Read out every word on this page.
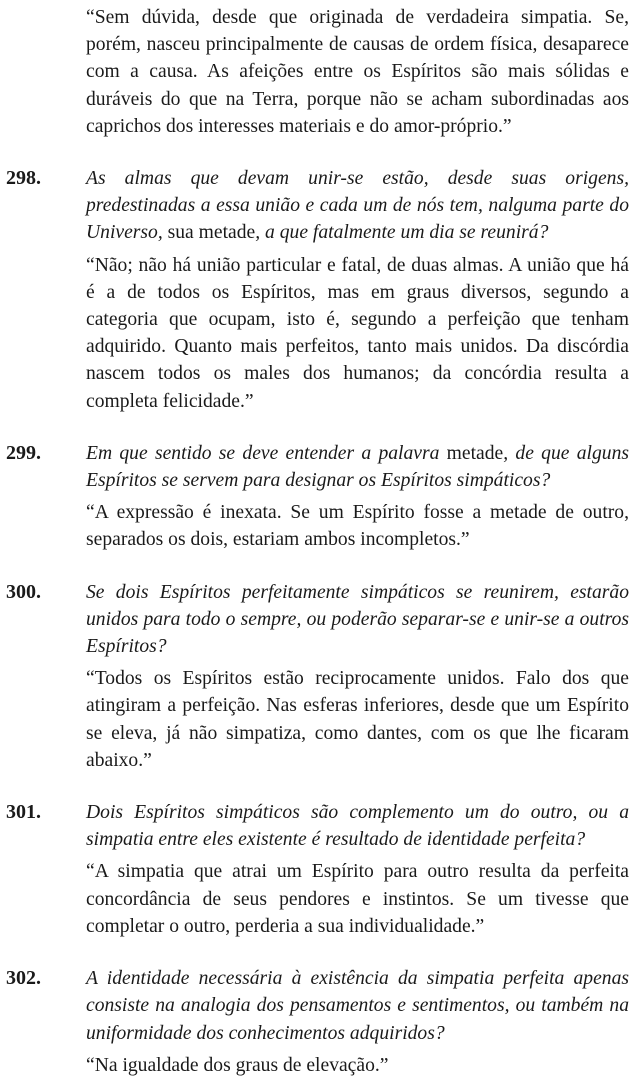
“Sem dúvida, desde que originada de verdadeira simpatia. Se, porém, nasceu principalmente de causas de ordem física, desaparece com a causa. As afeições entre os Espíritos são mais sólidas e duráveis do que na Terra, porque não se acham subordinadas aos caprichos dos interesses materiais e do amor-próprio.”

298. As almas que devam unir-se estão, desde suas origens, predestinadas a essa união e cada um de nós tem, nalguma parte do Universo, sua metade, a que fatalmente um dia se reunirá?

“Não; não há união particular e fatal, de duas almas. A união que há é a de todos os Espíritos, mas em graus diversos, segundo a categoria que ocupam, isto é, segundo a perfeição que tenham adquirido. Quanto mais perfeitos, tanto mais unidos. Da discórdia nascem todos os males dos humanos; da concórdia resulta a completa felicidade.”

299. Em que sentido se deve entender a palavra metade, de que alguns Espíritos se servem para designar os Espíritos simpáticos?

“A expressão é inexata. Se um Espírito fosse a metade de outro, separados os dois, estariam ambos incompletos.”

300. Se dois Espíritos perfeitamente simpáticos se reunirem, estarão unidos para todo o sempre, ou poderão separar-se e unir-se a outros Espíritos?

“Todos os Espíritos estão reciprocamente unidos. Falo dos que atingiram a perfeição. Nas esferas inferiores, desde que um Espírito se eleva, já não simpatiza, como dantes, com os que lhe ficaram abaixo.”

301. Dois Espíritos simpáticos são complemento um do outro, ou a simpatia entre eles existente é resultado de identidade perfeita?

“A simpatia que atrai um Espírito para outro resulta da perfeita concordância de seus pendores e instintos. Se um tivesse que completar o outro, perderia a sua individualidade.”

302. A identidade necessária à existência da simpatia perfeita apenas consiste na analogia dos pensamentos e sentimentos, ou também na uniformidade dos conhecimentos adquiridos?

“Na igualdade dos graus de elevação.”
